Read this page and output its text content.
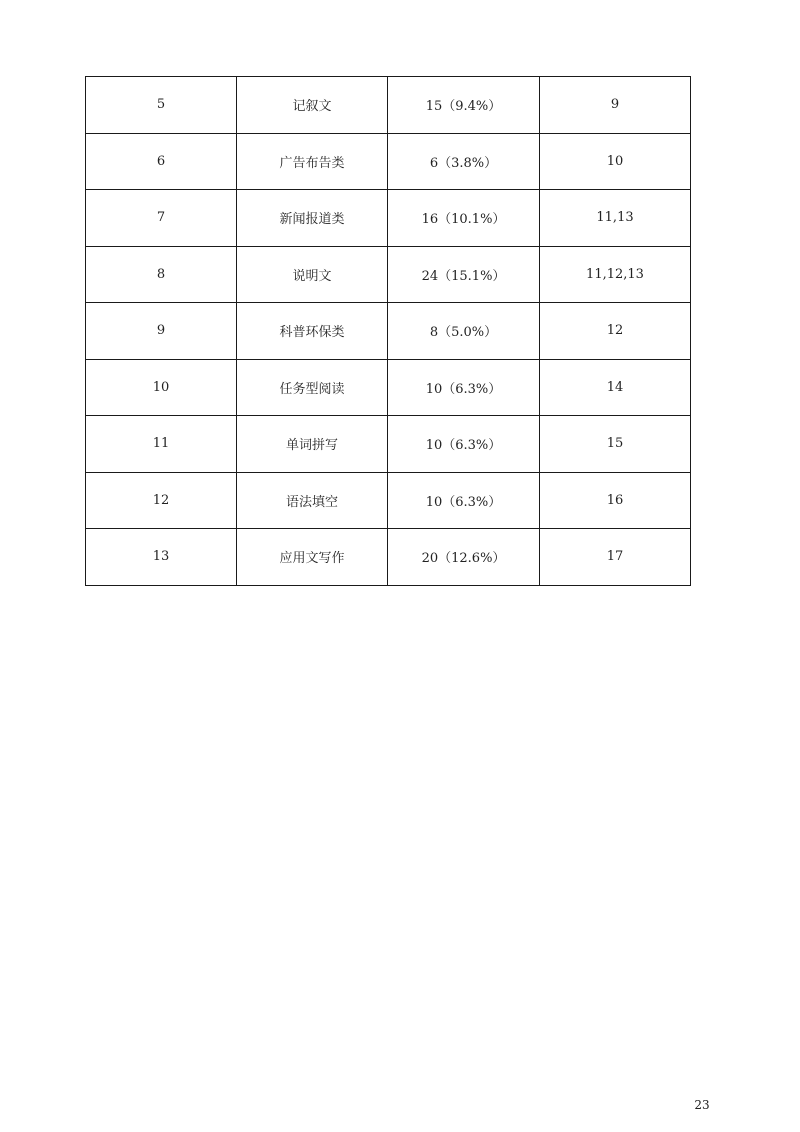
5	记叙文	15（9.4%）	9
6	广告布告类	6（3.8%）	10
7	新闻报道类	16（10.1%）	11,13
8	说明文	24（15.1%）	11,12,13
9	科普环保类	8（5.0%）	12
10	任务型阅读	10（6.3%）	14
11	单词拼写	10（6.3%）	15
12	语法填空	10（6.3%）	16
13	应用文写作	20（12.6%）	17
23
